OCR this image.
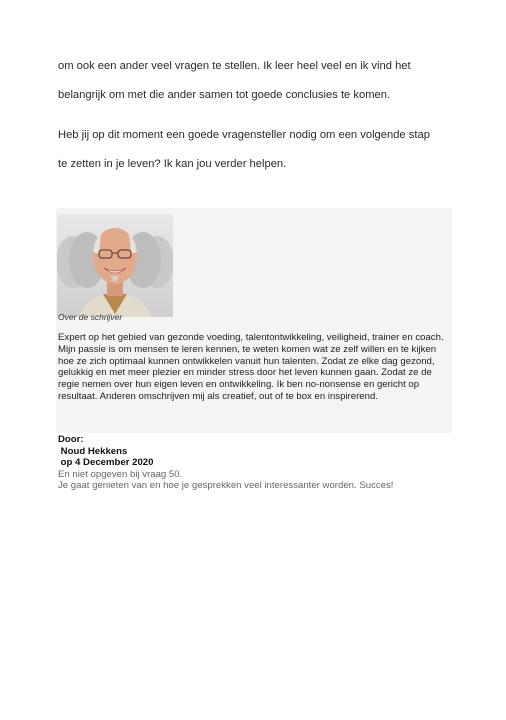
om ook een ander veel vragen te stellen. Ik leer heel veel en ik vind het
belangrijk om met die ander samen tot goede conclusies te komen.
Heb jij op dit moment een goede vragensteller nodig om een volgende stap
te zetten in je leven? Ik kan jou verder helpen.
Over de schrijver
Expert op het gebied van gezonde voeding, talentontwikkeling, veiligheid, trainer en coach. Mijn passie is om mensen te leren kennen, te weten komen wat ze zelf willen en te kijken hoe ze zich optimaal kunnen ontwikkelen vanuit hun talenten. Zodat ze elke dag gezond, gelukkig en met meer plezier en minder stress door het leven kunnen gaan. Zodat ze de regie nemen over hun eigen leven en ontwikkeling. Ik ben no-nonsense en gericht op resultaat. Anderen omschrijven mij als creatief, out of te box en inspirerend.
Door:
Noud Hekkens
op 4 December 2020
En niet opgeven bij vraag 50.
Je gaat genieten van en hoe je gesprekken veel interessanter worden. Succes!
